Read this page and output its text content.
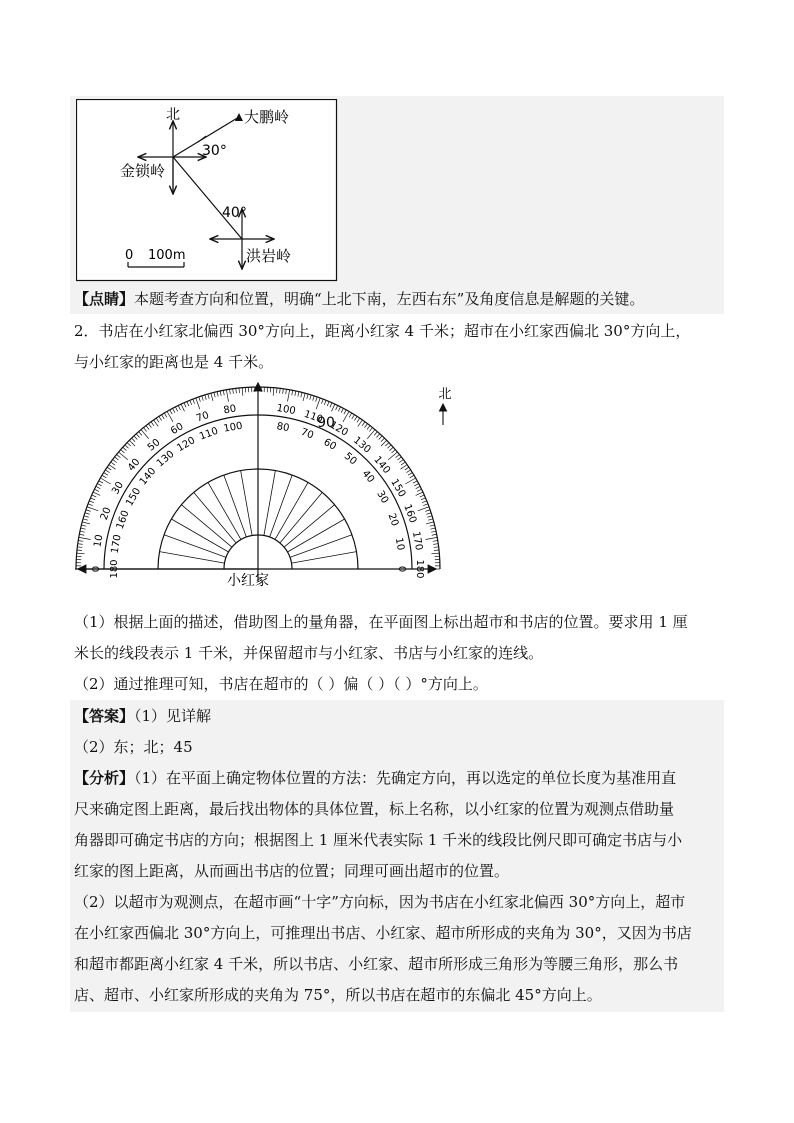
北	大鹏岭
30°
金锁岭
40°
洪岩岭
0 100m
【点睛】本题考查方向和位置，明确“上北下南，左西右东”及角度信息是解题的关键。
2．书店在小红家北偏西 30°方向上，距离小红家 4 千米；超市在小红家西偏北 30°方向上，
与小红家的距离也是 4 千米。
180
0
170
10
160
20
150
30
140
40
130
50
120
60
110
70
100
80
80
100
70
110
60
120
50
130
40
140
30
150
20 160
10 170
0 180
90
北
小红家
（1）根据上面的描述，借助图上的量角器，在平面图上标出超市和书店的位置。要求用 1 厘
米长的线段表示 1 千米，并保留超市与小红家、书店与小红家的连线。
（2）通过推理可知，书店在超市的（ ）偏（ ）（ ）°方向上。
【答案】（1）见详解
（2）东；北；45
【分析】（1）在平面上确定物体位置的方法：先确定方向，再以选定的单位长度为基准用直
尺来确定图上距离，最后找出物体的具体位置，标上名称，以小红家的位置为观测点借助量
角器即可确定书店的方向；根据图上 1 厘米代表实际 1 千米的线段比例尺即可确定书店与小
红家的图上距离，从而画出书店的位置；同理可画出超市的位置。
（2）以超市为观测点，在超市画“十字”方向标，因为书店在小红家北偏西 30°方向上，超市
在小红家西偏北 30°方向上，可推理出书店、小红家、超市所形成的夹角为 30°，又因为书店
和超市都距离小红家 4 千米，所以书店、小红家、超市所形成三角形为等腰三角形，那么书
店、超市、小红家所形成的夹角为 75°，所以书店在超市的东偏北 45°方向上。
